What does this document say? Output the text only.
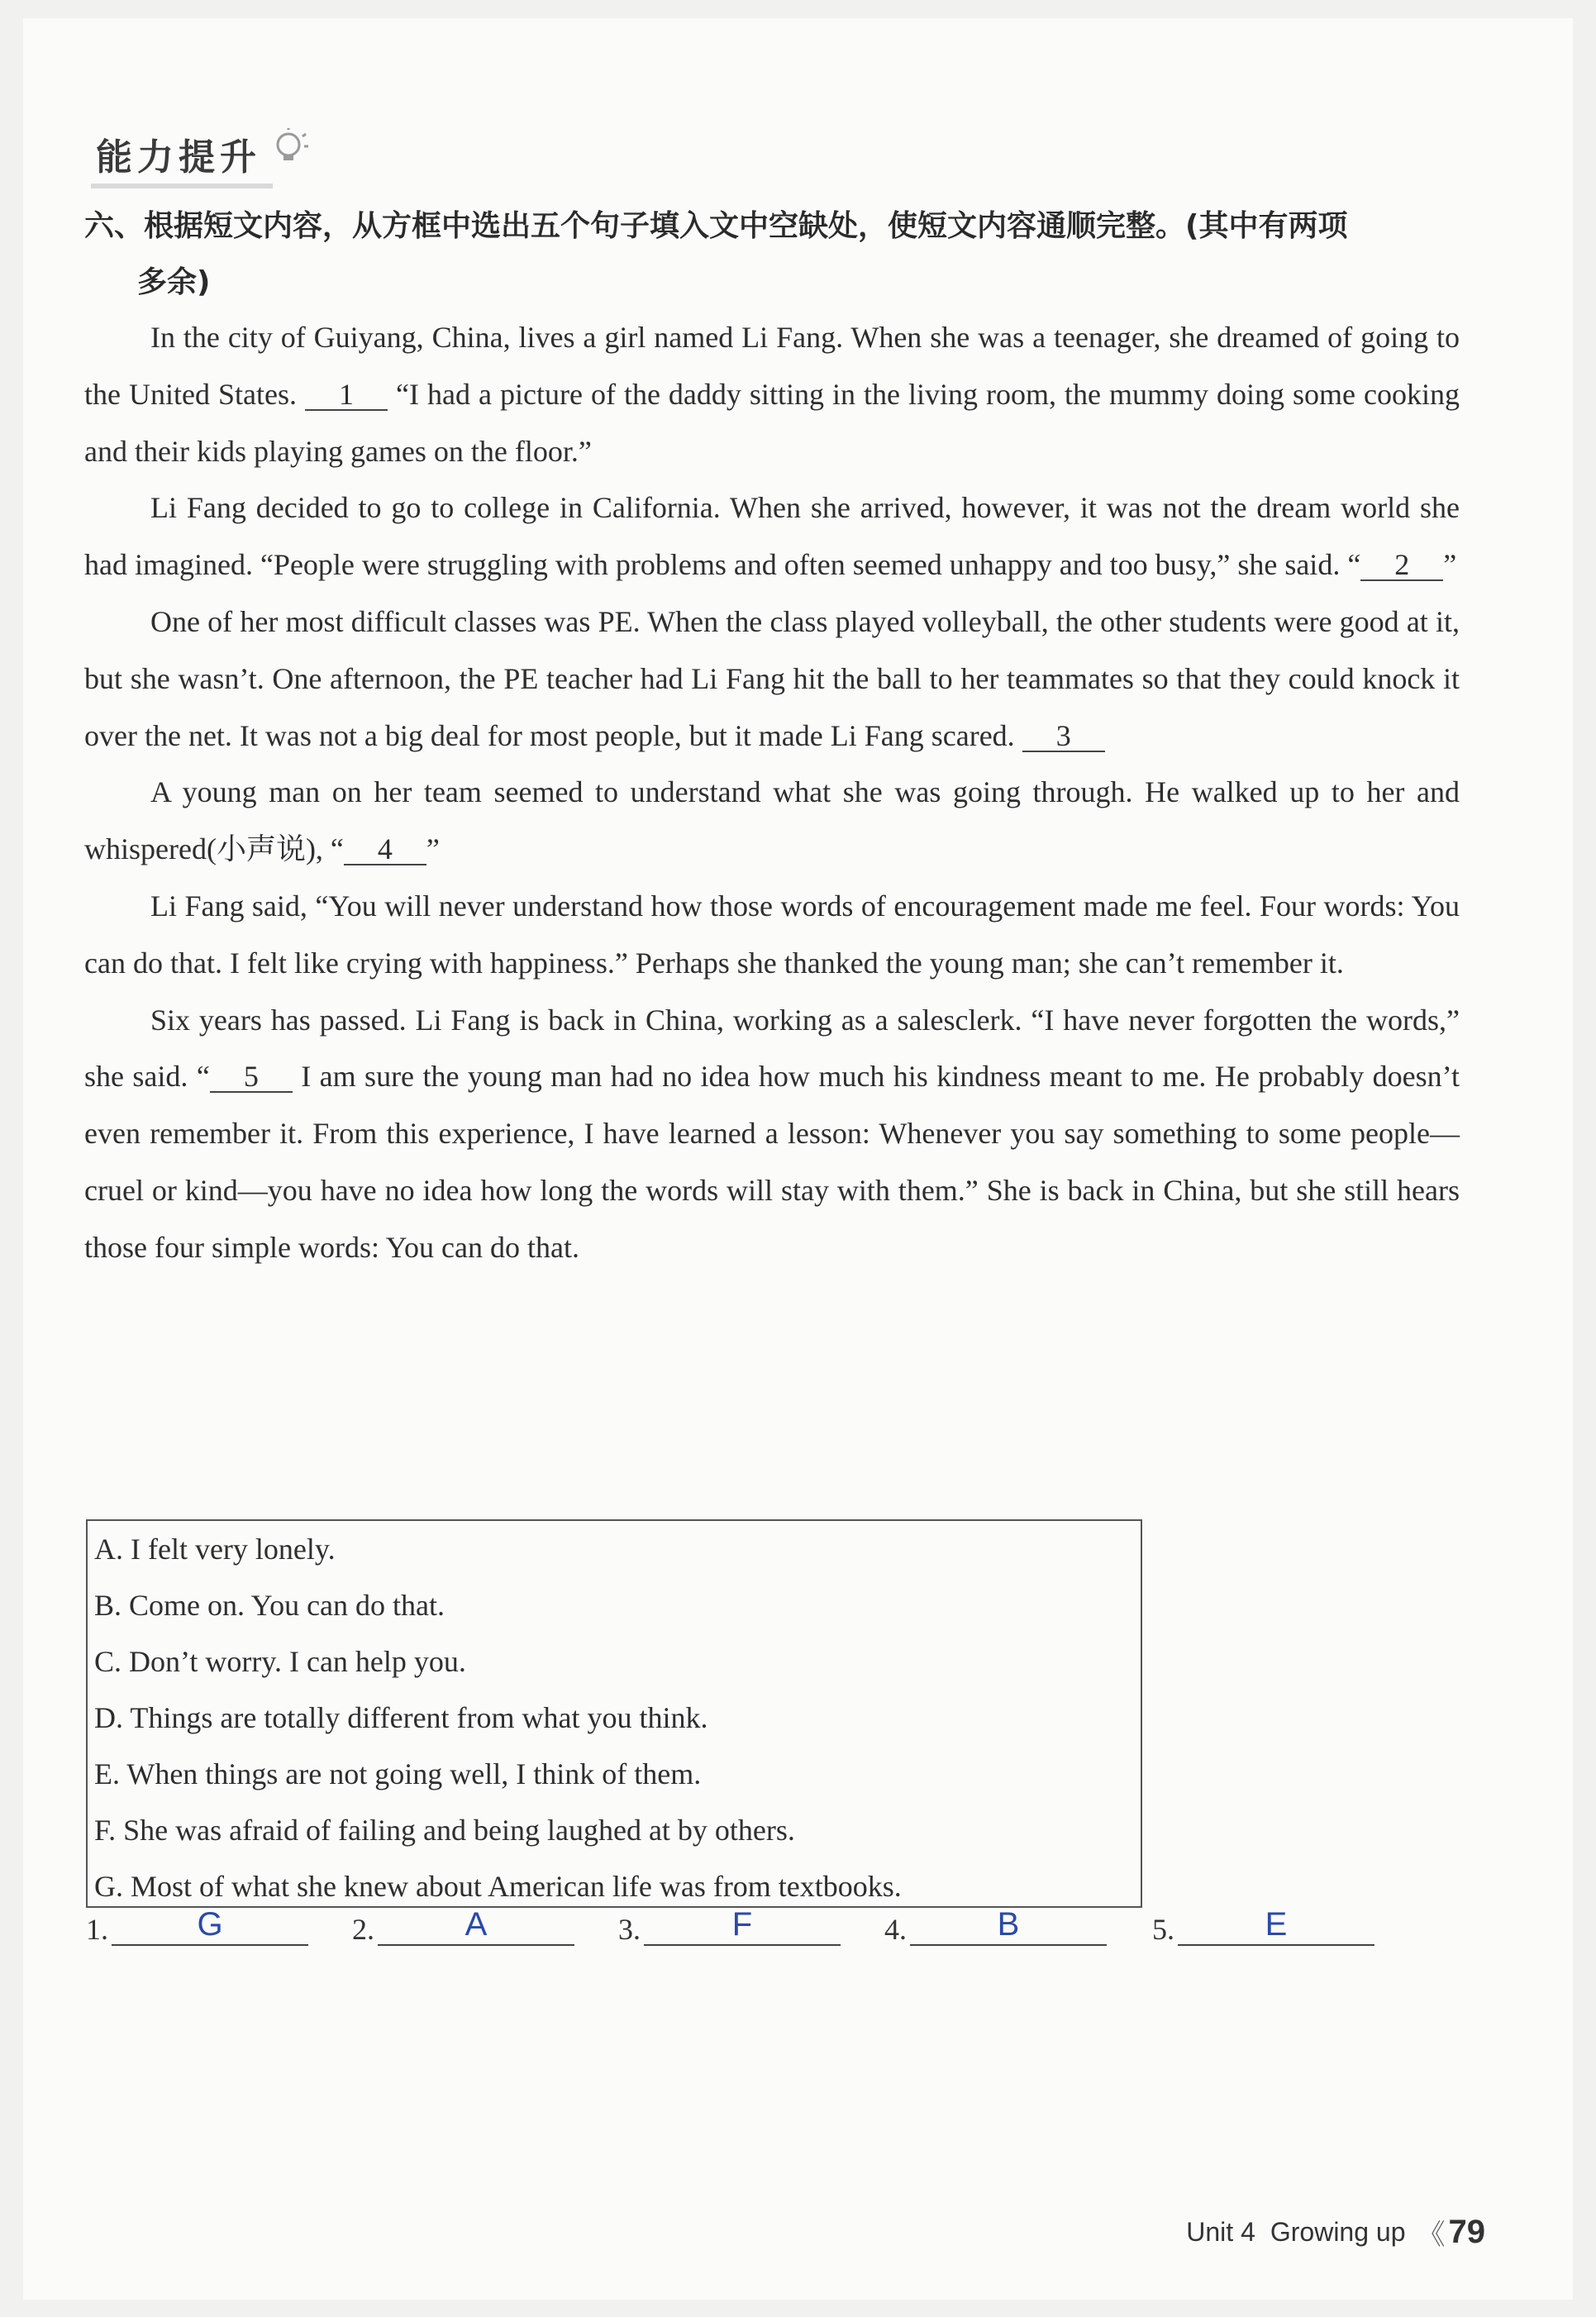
能力提升
六、根据短文内容，从方框中选出五个句子填入文中空缺处，使短文内容通顺完整。(其中有两项
多余)

In the city of Guiyang, China, lives a girl named Li Fang. When she was a teenager, she dreamed of going to the United States. 1 “I had a picture of the daddy sitting in the living room, the mummy doing some cooking and their kids playing games on the floor.”

Li Fang decided to go to college in California. When she arrived, however, it was not the dream world she had imagined. “People were struggling with problems and often seemed unhappy and too busy,” she said. “ 2 ”

One of her most difficult classes was PE. When the class played volleyball, the other students were good at it, but she wasn’t. One afternoon, the PE teacher had Li Fang hit the ball to her teammates so that they could knock it over the net. It was not a big deal for most people, but it made Li Fang scared. 3

A young man on her team seemed to understand what she was going through. He walked up to her and whispered(小声说), “ 4 ”

Li Fang said, “You will never understand how those words of encouragement made me feel. Four words: You can do that. I felt like crying with happiness.” Perhaps she thanked the young man; she can’t remember it.

Six years has passed. Li Fang is back in China, working as a salesclerk. “I have never forgotten the words,” she said. “ 5 I am sure the young man had no idea how much his kindness meant to me. He probably doesn’t even remember it. From this experience, I have learned a lesson: Whenever you say something to some people—cruel or kind—you have no idea how long the words will stay with them.” She is back in China, but she still hears those four simple words: You can do that.

A. I felt very lonely.
B. Come on. You can do that.
C. Don’t worry. I can help you.
D. Things are totally different from what you think.
E. When things are not going well, I think of them.
F. She was afraid of failing and being laughed at by others.
G. Most of what she knew about American life was from textbooks.
1.	G	2.	A	3.	F	4.	B	5.	E
Unit 4 Growing up 《 79
